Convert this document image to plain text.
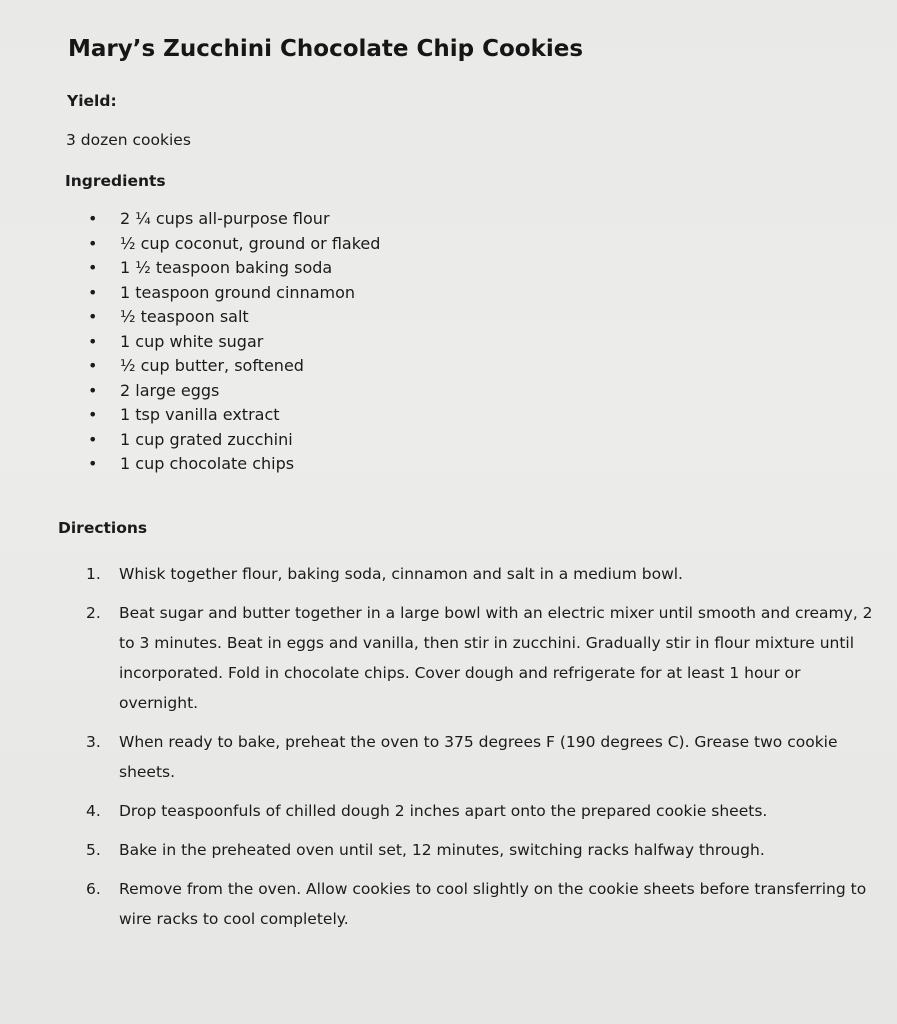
Mary’s Zucchini Chocolate Chip Cookies
Yield:
3 dozen cookies
Ingredients
• 2 ¼ cups all-purpose flour
• ½ cup coconut, ground or flaked
• 1 ½ teaspoon baking soda
• 1 teaspoon ground cinnamon
• ½ teaspoon salt
• 1 cup white sugar
• ½ cup butter, softened
• 2 large eggs
• 1 tsp vanilla extract
• 1 cup grated zucchini
• 1 cup chocolate chips
Directions
1.	Whisk together flour, baking soda, cinnamon and salt in a medium bowl.
2.	Beat sugar and butter together in a large bowl with an electric mixer until smooth and creamy, 2 to 3 minutes. Beat in eggs and vanilla, then stir in zucchini. Gradually stir in flour mixture until incorporated. Fold in chocolate chips. Cover dough and refrigerate for at least 1 hour or overnight.
3.	When ready to bake, preheat the oven to 375 degrees F (190 degrees C). Grease two cookie sheets.
4.	Drop teaspoonfuls of chilled dough 2 inches apart onto the prepared cookie sheets.
5.	Bake in the preheated oven until set, 12 minutes, switching racks halfway through.
6.	Remove from the oven. Allow cookies to cool slightly on the cookie sheets before transferring to wire racks to cool completely.
